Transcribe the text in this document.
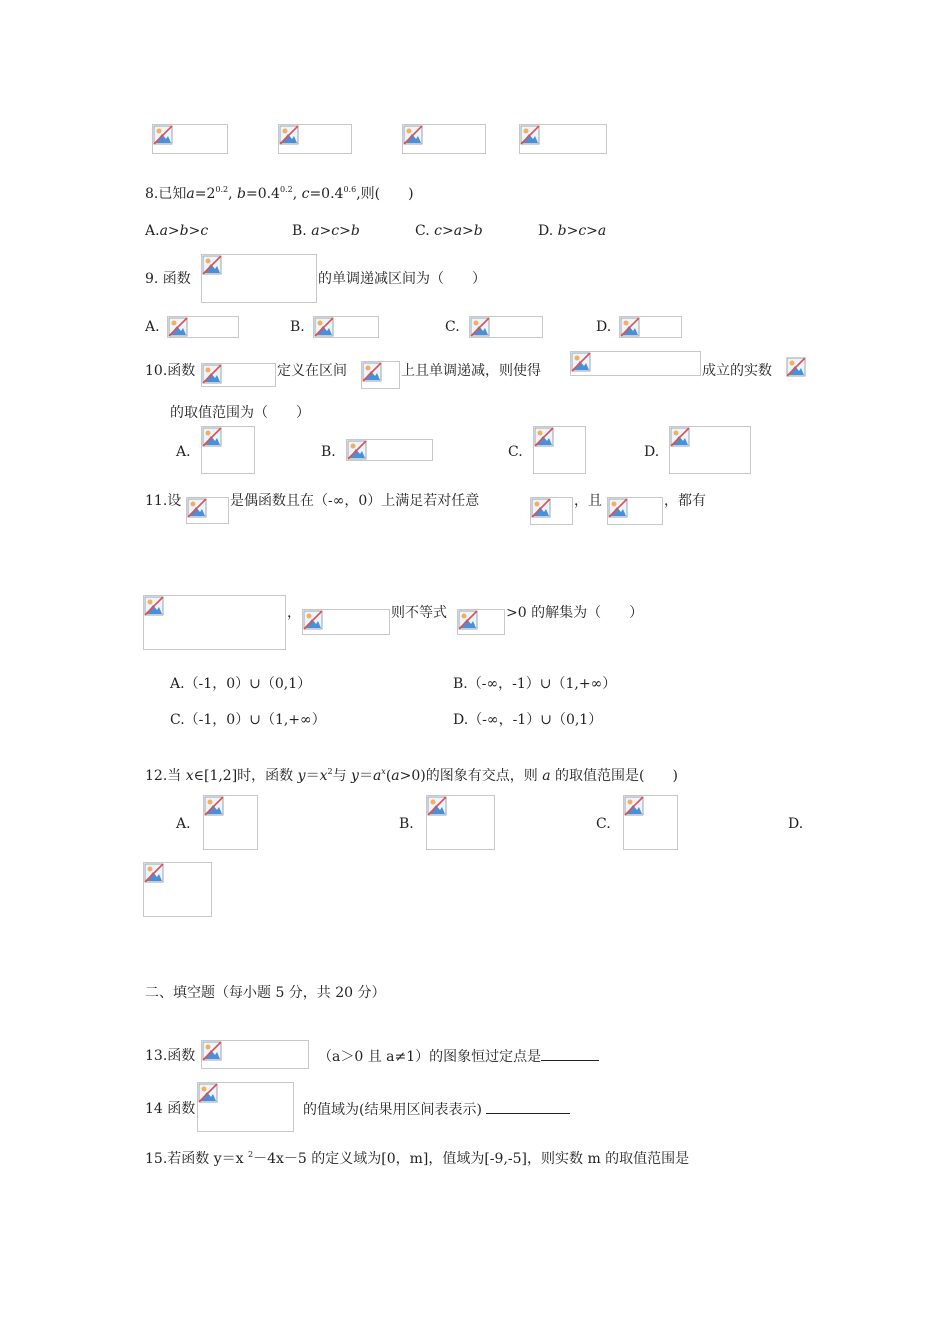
8.已知$a=2^{0.2}$, $b=0.4^{0.2}$, $c=0.4^{0.6}$,则(　　)
A.a>b>c	B. a>c>b	C. c>a>b	D. b>c>a
9. 函数	的单调递减区间为（　　）
A.	B.	C.	D.
10.函数	定义在区间	上且单调递减，则使得	成立的实数
的取值范围为（　　）
A.	B.	C.	D.
11.设	是偶函数且在（-∞，0）上满足若对任意	，且	，都有
，	则不等式	>0 的解集为（　　）
A.（-1，0）∪（0,1）	B.（-∞，-1）∪（1,+∞）
C.（-1，0）∪（1,+∞）	D.（-∞，-1）∪（0,1）
12.当 x∈[1,2]时，函数 $y=x^2$与 $y=a^x(a>0)$的图象有交点，则 a 的取值范围是(　　)
A.	B.	C.	D.
二、填空题（每小题 5 分，共 20 分）
13.函数	（a＞0 且 a≠1）的图象恒过定点是
14 函数	的值域为(结果用区间表表示)
15.若函数 y＝x $^2$－4x－5 的定义域为[0，m]，值域为[-9,-5]，则实数 m 的取值范围是
